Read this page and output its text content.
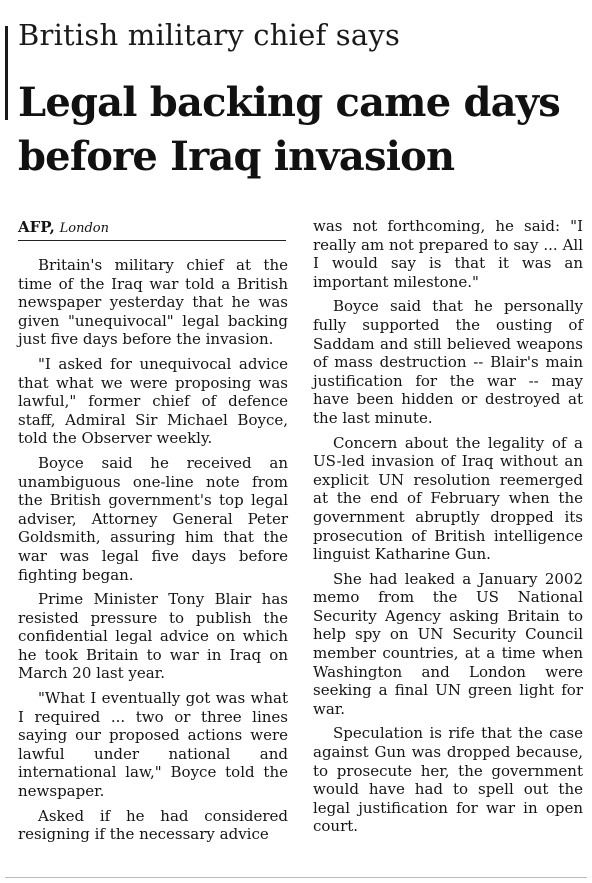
British military chief says
Legal backing came days
before Iraq invasion
AFP, London

Britain's military chief at the time of the Iraq war told a British newspaper yesterday that he was given "unequivocal" legal backing just five days before the invasion.

"I asked for unequivocal advice that what we were proposing was lawful," former chief of defence staff, Admiral Sir Michael Boyce, told the Observer weekly.

Boyce said he received an unambiguous one-line note from the British government's top legal adviser, Attorney General Peter Goldsmith, assuring him that the war was legal five days before fighting began.

Prime Minister Tony Blair has resisted pressure to publish the confidential legal advice on which he took Britain to war in Iraq on March 20 last year.

"What I eventually got was what I required ... two or three lines saying our proposed actions were lawful under national and international law," Boyce told the newspaper.

Asked if he had considered resigning if the necessary advice

was not forthcoming, he said: "I really am not prepared to say ... All I would say is that it was an important milestone."

Boyce said that he personally fully supported the ousting of Saddam and still believed weapons of mass destruction -- Blair's main justification for the war -- may have been hidden or destroyed at the last minute.

Concern about the legality of a US-led invasion of Iraq without an explicit UN resolution reemerged at the end of February when the government abruptly dropped its prosecution of British intelligence linguist Katharine Gun.

She had leaked a January 2002 memo from the US National Security Agency asking Britain to help spy on UN Security Council member countries, at a time when Washington and London were seeking a final UN green light for war.

Speculation is rife that the case against Gun was dropped because, to prosecute her, the government would have had to spell out the legal justification for war in open court.
